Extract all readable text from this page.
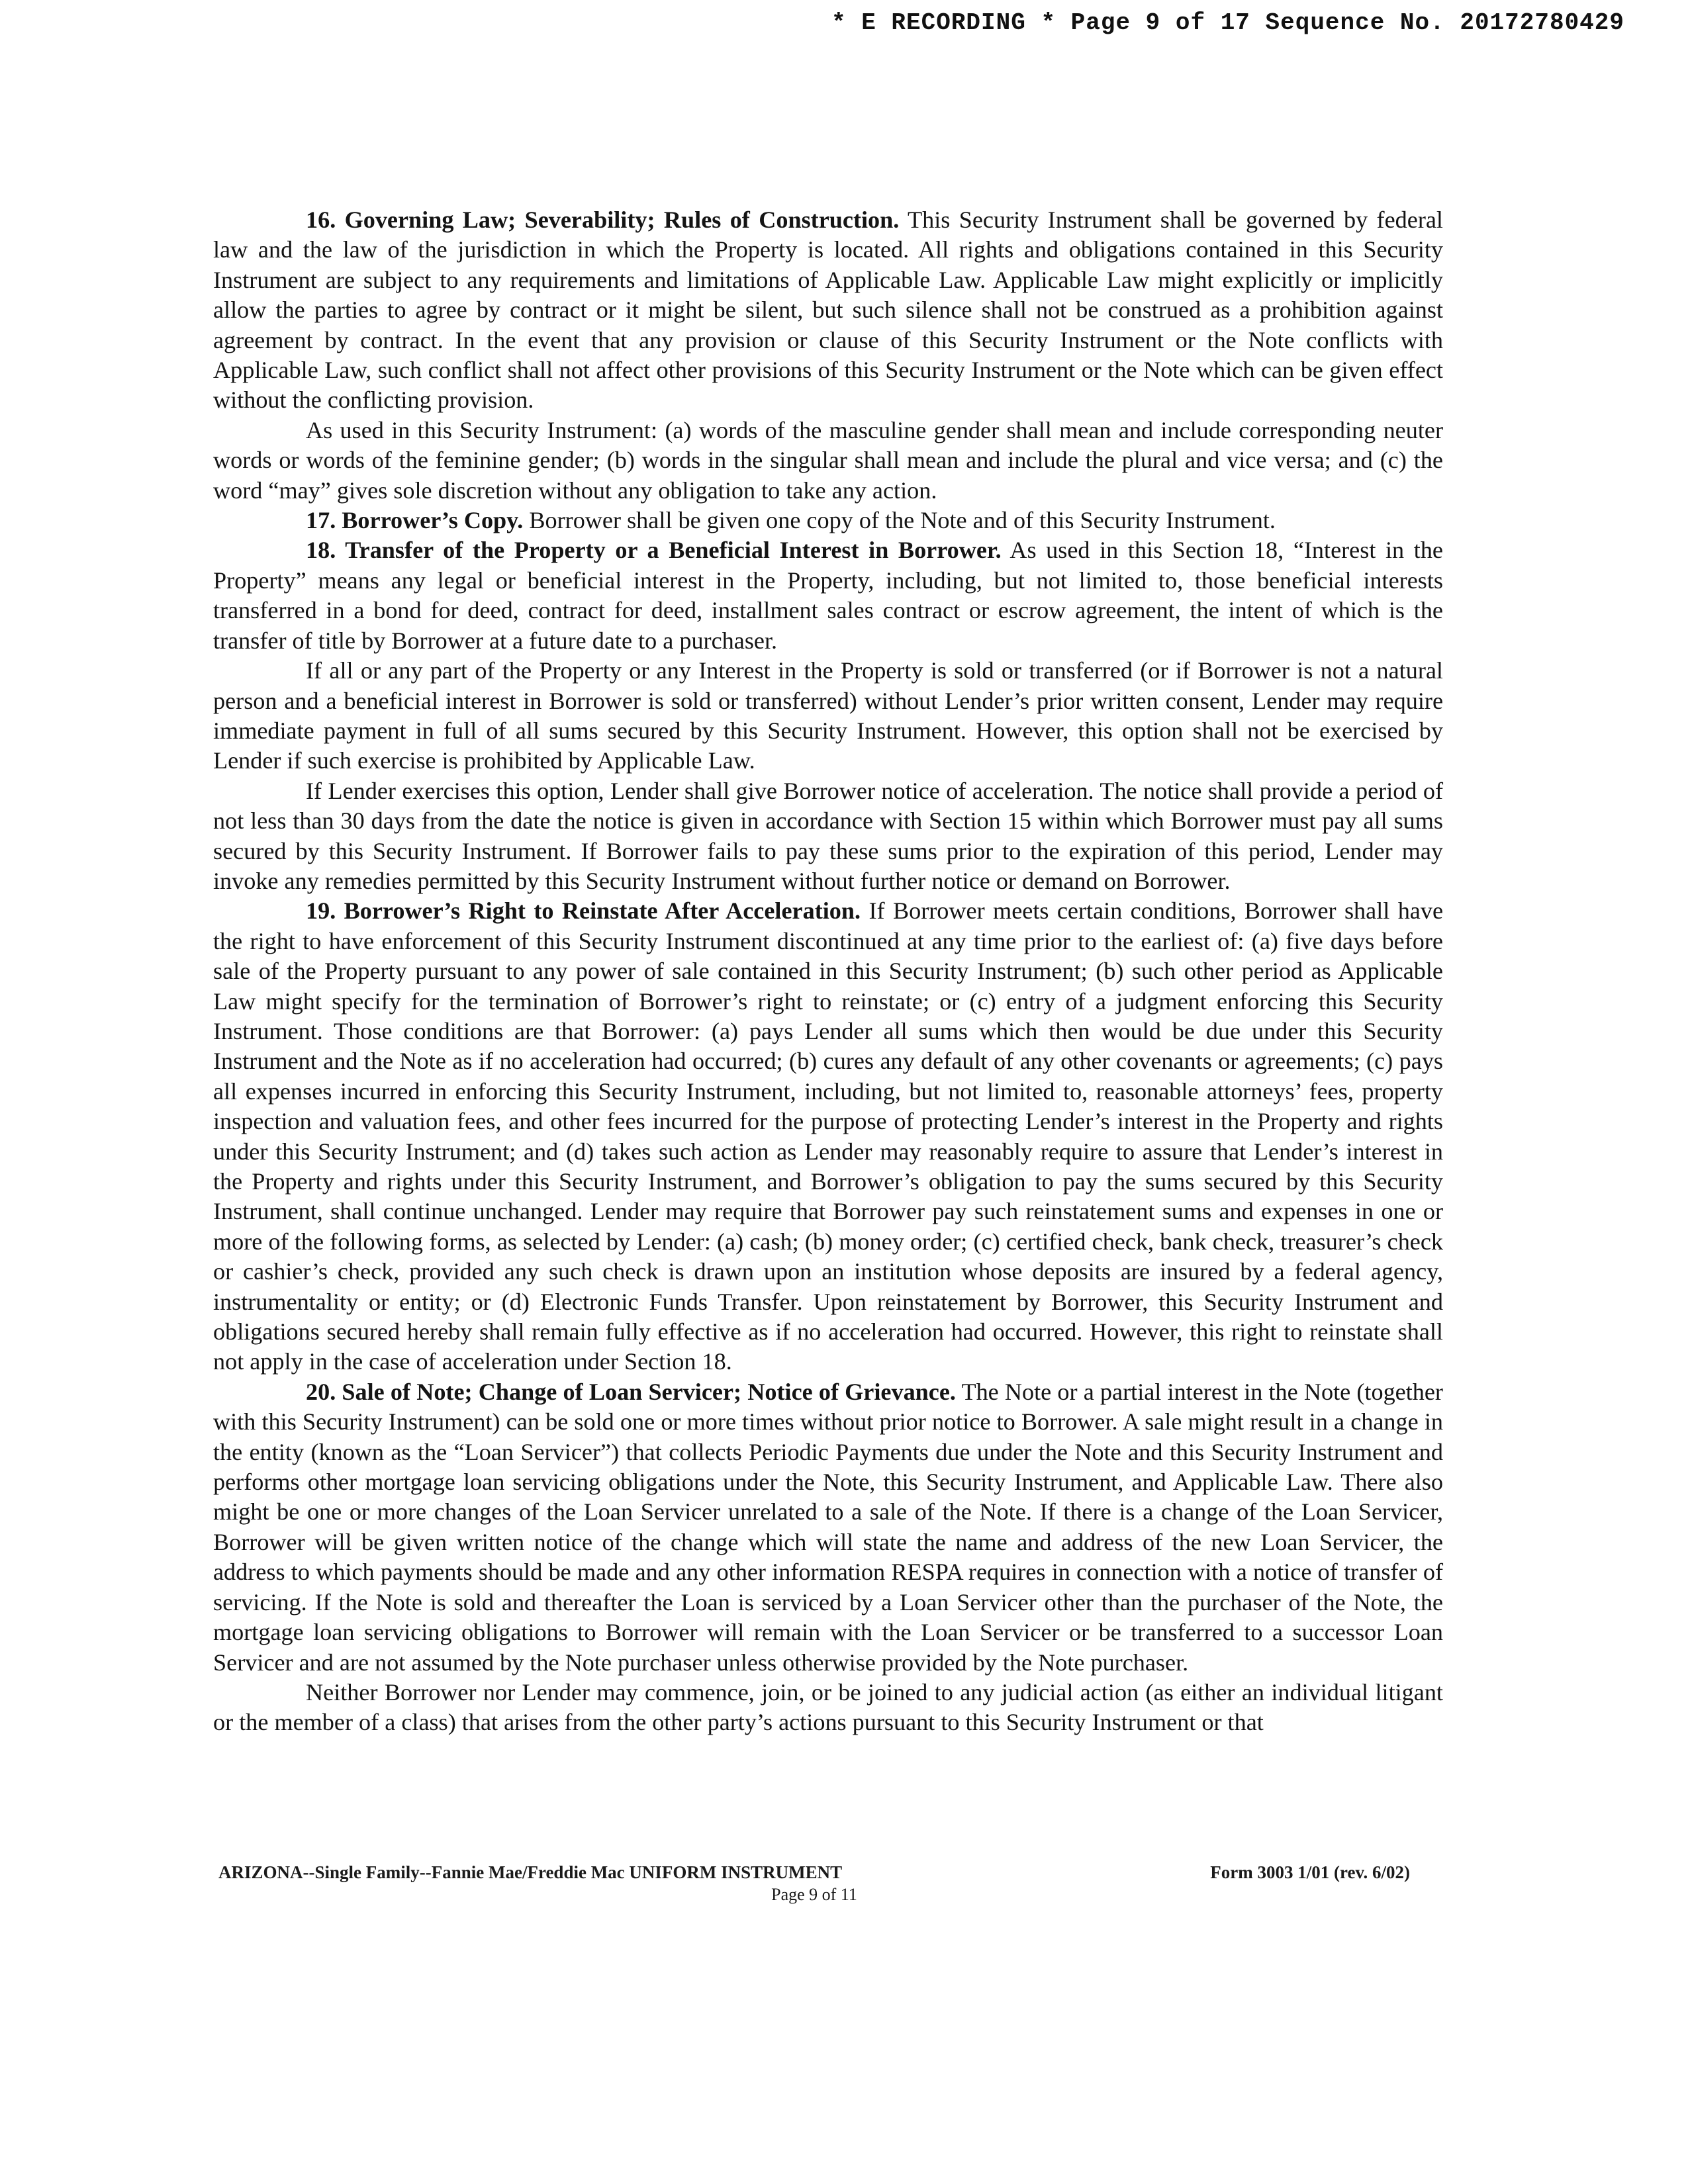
* E RECORDING * Page 9 of 17 Sequence No. 20172780429

16. Governing Law; Severability; Rules of Construction. This Security Instrument shall be governed by federal law and the law of the jurisdiction in which the Property is located. All rights and obligations contained in this Security Instrument are subject to any requirements and limitations of Applicable Law. Applicable Law might explicitly or implicitly allow the parties to agree by contract or it might be silent, but such silence shall not be construed as a prohibition against agreement by contract. In the event that any provision or clause of this Security Instrument or the Note conflicts with Applicable Law, such conflict shall not affect other provisions of this Security Instrument or the Note which can be given effect without the conflicting provision.

As used in this Security Instrument: (a) words of the masculine gender shall mean and include corresponding neuter words or words of the feminine gender; (b) words in the singular shall mean and include the plural and vice versa; and (c) the word “may” gives sole discretion without any obligation to take any action.

17. Borrower’s Copy. Borrower shall be given one copy of the Note and of this Security Instrument.

18. Transfer of the Property or a Beneficial Interest in Borrower. As used in this Section 18, “Interest in the Property” means any legal or beneficial interest in the Property, including, but not limited to, those beneficial interests transferred in a bond for deed, contract for deed, installment sales contract or escrow agreement, the intent of which is the transfer of title by Borrower at a future date to a purchaser.

If all or any part of the Property or any Interest in the Property is sold or transferred (or if Borrower is not a natural person and a beneficial interest in Borrower is sold or transferred) without Lender’s prior written consent, Lender may require immediate payment in full of all sums secured by this Security Instrument. However, this option shall not be exercised by Lender if such exercise is prohibited by Applicable Law.

If Lender exercises this option, Lender shall give Borrower notice of acceleration. The notice shall provide a period of not less than 30 days from the date the notice is given in accordance with Section 15 within which Borrower must pay all sums secured by this Security Instrument. If Borrower fails to pay these sums prior to the expiration of this period, Lender may invoke any remedies permitted by this Security Instrument without further notice or demand on Borrower.

19. Borrower’s Right to Reinstate After Acceleration. If Borrower meets certain conditions, Borrower shall have the right to have enforcement of this Security Instrument discontinued at any time prior to the earliest of: (a) five days before sale of the Property pursuant to any power of sale contained in this Security Instrument; (b) such other period as Applicable Law might specify for the termination of Borrower’s right to reinstate; or (c) entry of a judgment enforcing this Security Instrument. Those conditions are that Borrower: (a) pays Lender all sums which then would be due under this Security Instrument and the Note as if no acceleration had occurred; (b) cures any default of any other covenants or agreements; (c) pays all expenses incurred in enforcing this Security Instrument, including, but not limited to, reasonable attorneys’ fees, property inspection and valuation fees, and other fees incurred for the purpose of protecting Lender’s interest in the Property and rights under this Security Instrument; and (d) takes such action as Lender may reasonably require to assure that Lender’s interest in the Property and rights under this Security Instrument, and Borrower’s obligation to pay the sums secured by this Security Instrument, shall continue unchanged. Lender may require that Borrower pay such reinstatement sums and expenses in one or more of the following forms, as selected by Lender: (a) cash; (b) money order; (c) certified check, bank check, treasurer’s check or cashier’s check, provided any such check is drawn upon an institution whose deposits are insured by a federal agency, instrumentality or entity; or (d) Electronic Funds Transfer. Upon reinstatement by Borrower, this Security Instrument and obligations secured hereby shall remain fully effective as if no acceleration had occurred. However, this right to reinstate shall not apply in the case of acceleration under Section 18.

20. Sale of Note; Change of Loan Servicer; Notice of Grievance. The Note or a partial interest in the Note (together with this Security Instrument) can be sold one or more times without prior notice to Borrower. A sale might result in a change in the entity (known as the “Loan Servicer”) that collects Periodic Payments due under the Note and this Security Instrument and performs other mortgage loan servicing obligations under the Note, this Security Instrument, and Applicable Law. There also might be one or more changes of the Loan Servicer unrelated to a sale of the Note. If there is a change of the Loan Servicer, Borrower will be given written notice of the change which will state the name and address of the new Loan Servicer, the address to which payments should be made and any other information RESPA requires in connection with a notice of transfer of servicing. If the Note is sold and thereafter the Loan is serviced by a Loan Servicer other than the purchaser of the Note, the mortgage loan servicing obligations to Borrower will remain with the Loan Servicer or be transferred to a successor Loan Servicer and are not assumed by the Note purchaser unless otherwise provided by the Note purchaser.

Neither Borrower nor Lender may commence, join, or be joined to any judicial action (as either an individual litigant or the member of a class) that arises from the other party’s actions pursuant to this Security Instrument or that

ARIZONA--Single Family--Fannie Mae/Freddie Mac UNIFORM INSTRUMENT	Form 3003 1/01 (rev. 6/02)
Page 9 of 11
